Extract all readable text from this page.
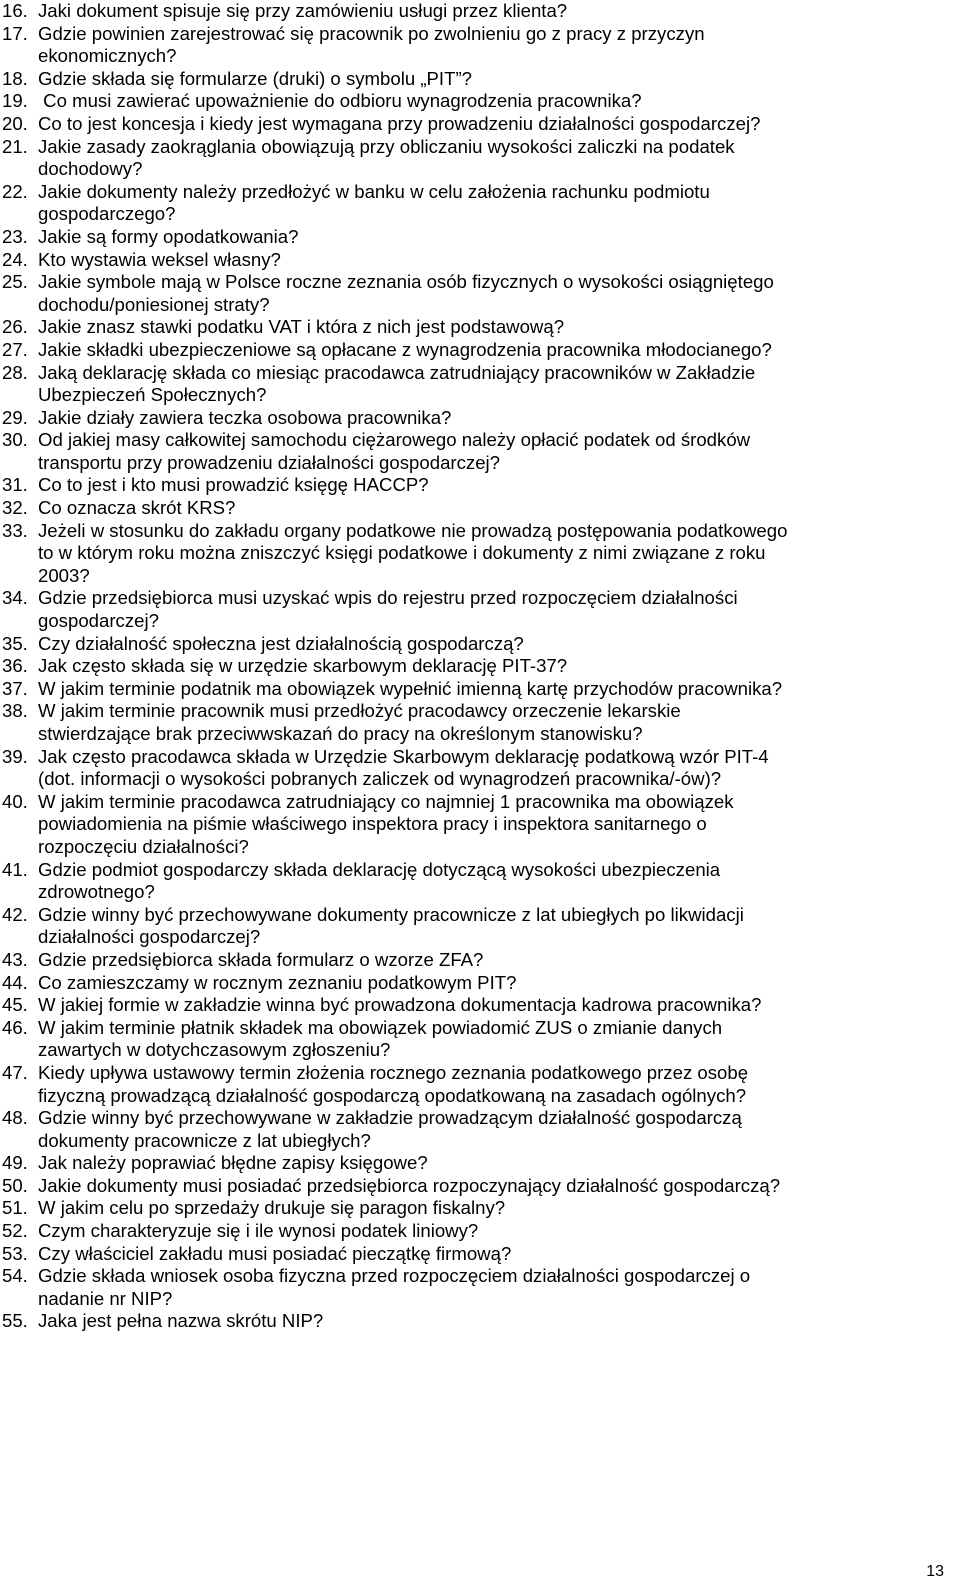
16. Jaki dokument spisuje się przy zamówieniu usługi przez klienta?
17. Gdzie powinien zarejestrować się pracownik po zwolnieniu go z pracy z przyczyn
ekonomicznych?
18. Gdzie składa się formularze (druki) o symbolu „PIT”?
19. Co musi zawierać upoważnienie do odbioru wynagrodzenia pracownika?
20. Co to jest koncesja i kiedy jest wymagana przy prowadzeniu działalności gospodarczej?
21. Jakie zasady zaokrąglania obowiązują przy obliczaniu wysokości zaliczki na podatek
dochodowy?
22. Jakie dokumenty należy przedłożyć w banku w celu założenia rachunku podmiotu
gospodarczego?
23. Jakie są formy opodatkowania?
24. Kto wystawia weksel własny?
25. Jakie symbole mają w Polsce roczne zeznania osób fizycznych o wysokości osiągniętego
dochodu/poniesionej straty?
26. Jakie znasz stawki podatku VAT i która z nich jest podstawową?
27. Jakie składki ubezpieczeniowe są opłacane z wynagrodzenia pracownika młodocianego?
28. Jaką deklarację składa co miesiąc pracodawca zatrudniający pracowników w Zakładzie
Ubezpieczeń Społecznych?
29. Jakie działy zawiera teczka osobowa pracownika?
30. Od jakiej masy całkowitej samochodu ciężarowego należy opłacić podatek od środków
transportu przy prowadzeniu działalności gospodarczej?
31. Co to jest i kto musi prowadzić księgę HACCP?
32. Co oznacza skrót KRS?
33. Jeżeli w stosunku do zakładu organy podatkowe nie prowadzą postępowania podatkowego
to w którym roku można zniszczyć księgi podatkowe i dokumenty z nimi związane z roku
2003?
34. Gdzie przedsiębiorca musi uzyskać wpis do rejestru przed rozpoczęciem działalności
gospodarczej?
35. Czy działalność społeczna jest działalnością gospodarczą?
36. Jak często składa się w urzędzie skarbowym deklarację PIT-37?
37. W jakim terminie podatnik ma obowiązek wypełnić imienną kartę przychodów pracownika?
38. W jakim terminie pracownik musi przedłożyć pracodawcy orzeczenie lekarskie
stwierdzające brak przeciwwskazań do pracy na określonym stanowisku?
39. Jak często pracodawca składa w Urzędzie Skarbowym deklarację podatkową wzór PIT-4
(dot. informacji o wysokości pobranych zaliczek od wynagrodzeń pracownika/-ów)?
40. W jakim terminie pracodawca zatrudniający co najmniej 1 pracownika ma obowiązek
powiadomienia na piśmie właściwego inspektora pracy i inspektora sanitarnego o
rozpoczęciu działalności?
41. Gdzie podmiot gospodarczy składa deklarację dotyczącą wysokości ubezpieczenia
zdrowotnego?
42. Gdzie winny być przechowywane dokumenty pracownicze z lat ubiegłych po likwidacji
działalności gospodarczej?
43. Gdzie przedsiębiorca składa formularz o wzorze ZFA?
44. Co zamieszczamy w rocznym zeznaniu podatkowym PIT?
45. W jakiej formie w zakładzie winna być prowadzona dokumentacja kadrowa pracownika?
46. W jakim terminie płatnik składek ma obowiązek powiadomić ZUS o zmianie danych
zawartych w dotychczasowym zgłoszeniu?
47. Kiedy upływa ustawowy termin złożenia rocznego zeznania podatkowego przez osobę
fizyczną prowadzącą działalność gospodarczą opodatkowaną na zasadach ogólnych?
48. Gdzie winny być przechowywane w zakładzie prowadzącym działalność gospodarczą
dokumenty pracownicze z lat ubiegłych?
49. Jak należy poprawiać błędne zapisy księgowe?
50. Jakie dokumenty musi posiadać przedsiębiorca rozpoczynający działalność gospodarczą?
51. W jakim celu po sprzedaży drukuje się paragon fiskalny?
52. Czym charakteryzuje się i ile wynosi podatek liniowy?
53. Czy właściciel zakładu musi posiadać pieczątkę firmową?
54. Gdzie składa wniosek osoba fizyczna przed rozpoczęciem działalności gospodarczej o
nadanie nr NIP?
55. Jaka jest pełna nazwa skrótu NIP?
13
